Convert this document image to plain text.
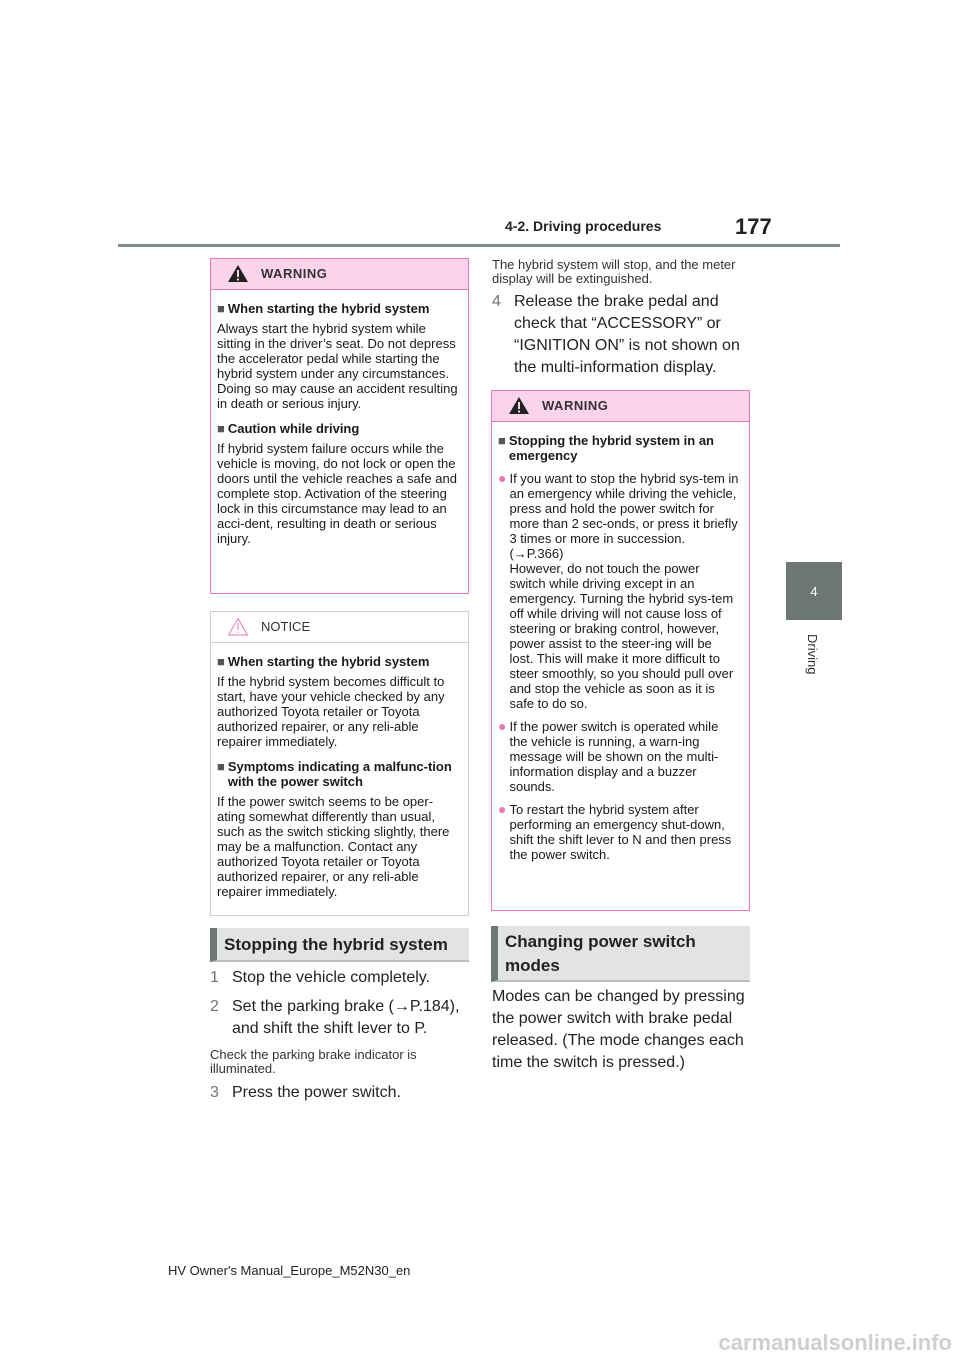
177
4-2. Driving procedures
4
Driving
WARNING
■ When starting the hybrid system
Always start the hybrid system while sitting in the driver’s seat. Do not depress the accelerator pedal while starting the hybrid system under any circumstances.
Doing so may cause an accident resulting in death or serious injury.
■ Caution while driving
If hybrid system failure occurs while the vehicle is moving, do not lock or open the doors until the vehicle reaches a safe and complete stop. Activation of the steering lock in this circumstance may lead to an acci-dent, resulting in death or serious injury.
NOTICE
■ When starting the hybrid system
If the hybrid system becomes difficult to start, have your vehicle checked by any authorized Toyota retailer or Toyota authorized repairer, or any reli-able repairer immediately.
■ Symptoms indicating a malfunc-tion with the power switch
If the power switch seems to be oper-ating somewhat differently than usual, such as the switch sticking slightly, there may be a malfunction. Contact any authorized Toyota retailer or Toyota authorized repairer, or any reli-able repairer immediately.
Stopping the hybrid system
1 Stop the vehicle completely.
2 Set the parking brake (→P.184), and shift the shift lever to P.
Check the parking brake indicator is illuminated.
3 Press the power switch.
The hybrid system will stop, and the meter display will be extinguished.
4 Release the brake pedal and check that “ACCESSORY” or “IGNITION ON” is not shown on the multi-information display.
WARNING
■ Stopping the hybrid system in an emergency
● If you want to stop the hybrid sys-tem in an emergency while driving the vehicle, press and hold the power switch for more than 2 sec-onds, or press it briefly 3 times or more in succession. (→P.366)
However, do not touch the power switch while driving except in an emergency. Turning the hybrid sys-tem off while driving will not cause loss of steering or braking control, however, power assist to the steer-ing will be lost. This will make it more difficult to steer smoothly, so you should pull over and stop the vehicle as soon as it is safe to do so.
● If the power switch is operated while the vehicle is running, a warn-ing message will be shown on the multi-information display and a buzzer sounds.
● To restart the hybrid system after performing an emergency shut-down, shift the shift lever to N and then press the power switch.
Changing power switch modes
Modes can be changed by pressing the power switch with brake pedal released. (The mode changes each time the switch is pressed.)
HV Owner's Manual_Europe_M52N30_en
carmanualsonline.info
